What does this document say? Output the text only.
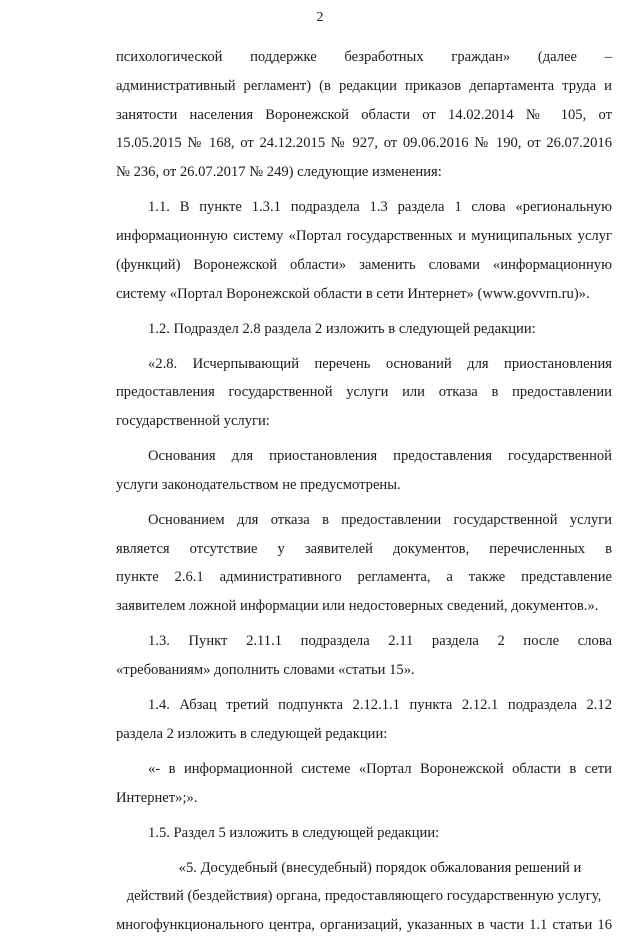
2

психологической поддержке безработных граждан» (далее –
административный регламент) (в редакции приказов департамента труда и
занятости населения Воронежской области от 14.02.2014 № 105, от
15.05.2015 № 168, от 24.12.2015 № 927, от 09.06.2016 № 190, от 26.07.2016
№ 236, от 26.07.2017 № 249) следующие изменения:

1.1. В пункте 1.3.1 подраздела 1.3 раздела 1 слова «региональную
информационную систему «Портал государственных и муниципальных услуг
(функций) Воронежской области» заменить словами «информационную
систему «Портал Воронежской области в сети Интернет» (www.govvrn.ru)».

1.2. Подраздел 2.8 раздела 2 изложить в следующей редакции:

«2.8. Исчерпывающий перечень оснований для приостановления
предоставления государственной услуги или отказа в предоставлении
государственной услуги:

Основания для приостановления предоставления государственной
услуги законодательством не предусмотрены.

Основанием для отказа в предоставлении государственной услуги
является отсутствие у заявителей документов, перечисленных в
пункте 2.6.1 административного регламента, а также представление
заявителем ложной информации или недостоверных сведений, документов.».

1.3. Пункт 2.11.1 подраздела 2.11 раздела 2 после слова
«требованиям» дополнить словами «статьи 15».

1.4. Абзац третий подпункта 2.12.1.1 пункта 2.12.1 подраздела 2.12
раздела 2 изложить в следующей редакции:

«- в информационной системе «Портал Воронежской области в сети
Интернет»;».

1.5. Раздел 5 изложить в следующей редакции:

«5. Досудебный (внесудебный) порядок обжалования решений и
действий (бездействия) органа, предоставляющего государственную услугу,
многофункционального центра, организаций, указанных в части 1.1 статьи 16
